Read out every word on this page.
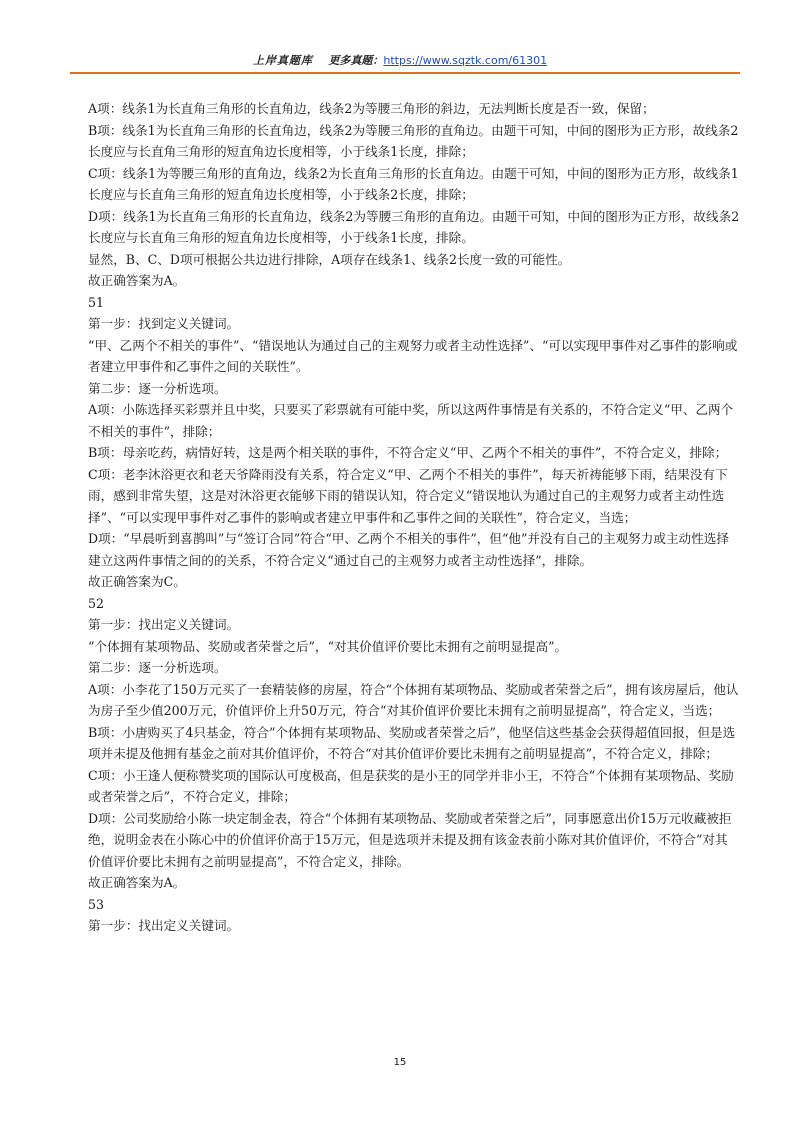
上岸真题库 更多真题：https://www.sqztk.com/61301

A项：线条1为长直角三角形的长直角边，线条2为等腰三角形的斜边，无法判断长度是否一致，保留；

B项：线条1为长直角三角形的长直角边，线条2为等腰三角形的直角边。由题干可知，中间的图形为正方形，故线条2长度应与长直角三角形的短直角边长度相等，小于线条1长度，排除；

C项：线条1为等腰三角形的直角边，线条2为长直角三角形的长直角边。由题干可知，中间的图形为正方形，故线条1长度应与长直角三角形的短直角边长度相等，小于线条2长度，排除；

D项：线条1为长直角三角形的长直角边，线条2为等腰三角形的直角边。由题干可知，中间的图形为正方形，故线条2长度应与长直角三角形的短直角边长度相等，小于线条1长度，排除。

显然，B、C、D项可根据公共边进行排除，A项存在线条1、线条2长度一致的可能性。

故正确答案为A。

51

第一步：找到定义关键词。

“甲、乙两个不相关的事件”、“错误地认为通过自己的主观努力或者主动性选择”、“可以实现甲事件对乙事件的影响或者建立甲事件和乙事件之间的关联性”。

第二步：逐一分析选项。

A项：小陈选择买彩票并且中奖，只要买了彩票就有可能中奖，所以这两件事情是有关系的，不符合定义“甲、乙两个不相关的事件”，排除；

B项：母亲吃药，病情好转，这是两个相关联的事件，不符合定义“甲、乙两个不相关的事件”，不符合定义，排除；

C项：老李沐浴更衣和老天爷降雨没有关系，符合定义“甲、乙两个不相关的事件”，每天祈祷能够下雨，结果没有下雨，感到非常失望，这是对沐浴更衣能够下雨的错误认知，符合定义“错误地认为通过自己的主观努力或者主动性选择”、“可以实现甲事件对乙事件的影响或者建立甲事件和乙事件之间的关联性”，符合定义，当选；

D项：“早晨听到喜鹊叫”与“签订合同”符合“甲、乙两个不相关的事件”，但“他”并没有自己的主观努力或主动性选择建立这两件事情之间的的关系，不符合定义“通过自己的主观努力或者主动性选择”，排除。

故正确答案为C。

52

第一步：找出定义关键词。

“个体拥有某项物品、奖励或者荣誉之后”，“对其价值评价要比未拥有之前明显提高”。

第二步：逐一分析选项。

A项：小李花了150万元买了一套精装修的房屋，符合“个体拥有某项物品、奖励或者荣誉之后”，拥有该房屋后，他认为房子至少值200万元，价值评价上升50万元，符合“对其价值评价要比未拥有之前明显提高”，符合定义，当选；

B项：小唐购买了4只基金，符合“个体拥有某项物品、奖励或者荣誉之后”，他坚信这些基金会获得超值回报，但是选项并未提及他拥有基金之前对其价值评价，不符合“对其价值评价要比未拥有之前明显提高”，不符合定义，排除；

C项：小王逢人便称赞奖项的国际认可度极高，但是获奖的是小王的同学并非小王，不符合“个体拥有某项物品、奖励或者荣誉之后”，不符合定义，排除；

D项：公司奖励给小陈一块定制金表，符合“个体拥有某项物品、奖励或者荣誉之后”，同事愿意出价15万元收藏被拒绝，说明金表在小陈心中的价值评价高于15万元，但是选项并未提及拥有该金表前小陈对其价值评价，不符合“对其价值评价要比未拥有之前明显提高”，不符合定义，排除。

故正确答案为A。

53

第一步：找出定义关键词。

15
